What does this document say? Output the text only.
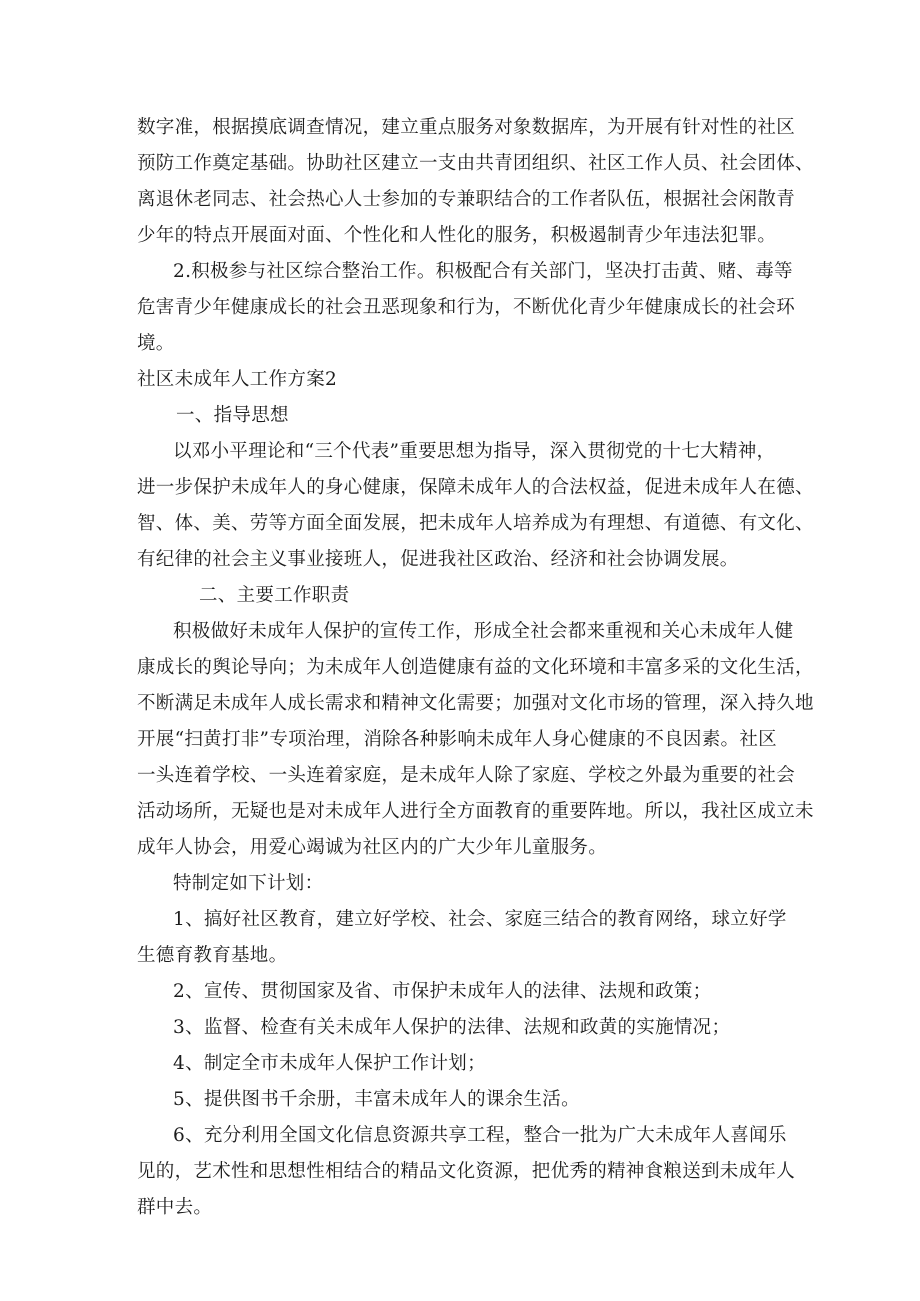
数字准，根据摸底调查情况，建立重点服务对象数据库，为开展有针对性的社区
预防工作奠定基础。协助社区建立一支由共青团组织、社区工作人员、社会团体、
离退休老同志、社会热心人士参加的专兼职结合的工作者队伍，根据社会闲散青
少年的特点开展面对面、个性化和人性化的服务，积极遏制青少年违法犯罪。
2.积极参与社区综合整治工作。积极配合有关部门，坚决打击黄、赌、毒等
危害青少年健康成长的社会丑恶现象和行为，不断优化青少年健康成长的社会环
境。
社区未成年人工作方案2
一、指导思想
以邓小平理论和“三个代表”重要思想为指导，深入贯彻党的十七大精神，
进一步保护未成年人的身心健康，保障未成年人的合法权益，促进未成年人在德、
智、体、美、劳等方面全面发展，把未成年人培养成为有理想、有道德、有文化、
有纪律的社会主义事业接班人，促进我社区政治、经济和社会协调发展。
二、主要工作职责
积极做好未成年人保护的宣传工作，形成全社会都来重视和关心未成年人健
康成长的舆论导向；为未成年人创造健康有益的文化环境和丰富多采的文化生活，
不断满足未成年人成长需求和精神文化需要；加强对文化市场的管理，深入持久地
开展“扫黄打非”专项治理，消除各种影响未成年人身心健康的不良因素。社区
一头连着学校、一头连着家庭，是未成年人除了家庭、学校之外最为重要的社会
活动场所，无疑也是对未成年人进行全方面教育的重要阵地。所以，我社区成立未
成年人协会，用爱心竭诚为社区内的广大少年儿童服务。
特制定如下计划：
1、搞好社区教育，建立好学校、社会、家庭三结合的教育网络，球立好学
生德育教育基地。
2、宣传、贯彻国家及省、市保护未成年人的法律、法规和政策；
3、监督、检查有关未成年人保护的法律、法规和政黄的实施情况；
4、制定全市未成年人保护工作计划；
5、提供图书千余册，丰富未成年人的课余生活。
6、充分利用全国文化信息资源共享工程，整合一批为广大未成年人喜闻乐
见的，艺术性和思想性相结合的精品文化资源，把优秀的精神食粮送到未成年人
群中去。
